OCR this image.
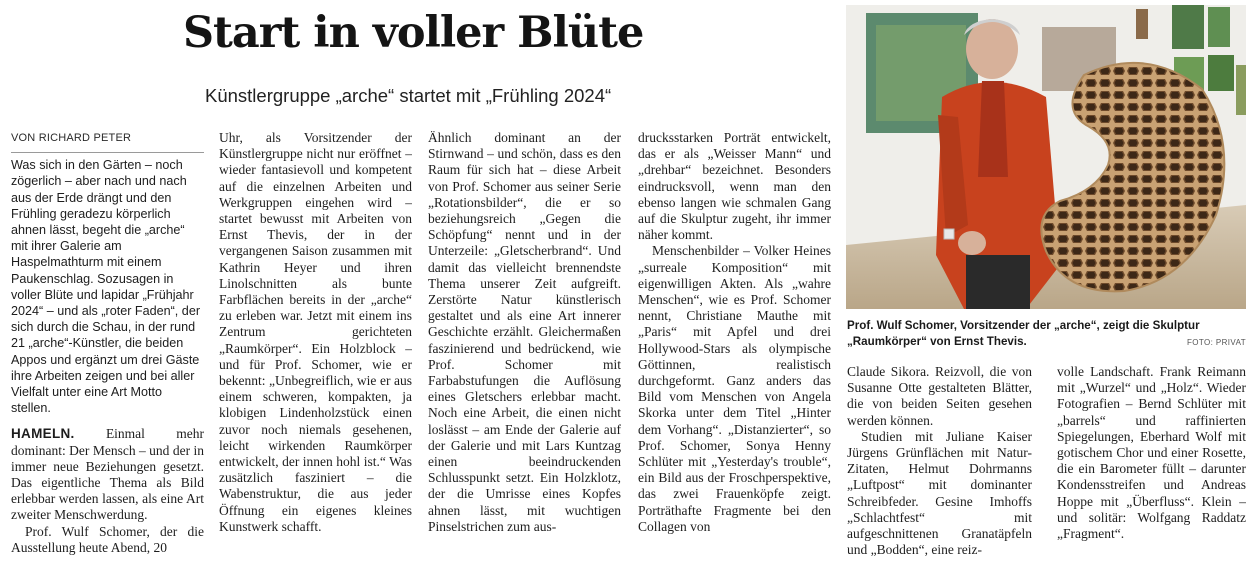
Start in voller Blüte
Künstlergruppe „arche“ startet mit „Frühling 2024“

VON RICHARD PETER

Was sich in den Gärten – noch zögerlich – aber nach und nach aus der Erde drängt und den Frühling geradezu körperlich ahnen lässt, begeht die „arche“ mit ihrer Galerie am Haspelmathturm mit einem Paukenschlag. Sozusagen in voller Blüte und lapidar „Frühjahr 2024“ – und als „roter Faden“, der sich durch die Schau, in der rund 21 „arche“-Künstler, die beiden Appos und ergänzt um drei Gäste ihre Arbeiten zeigen und bei aller Vielfalt unter eine Art Motto stellen.

HAMELN. Einmal mehr dominant: Der Mensch – und der in immer neue Beziehungen gesetzt. Das eigentliche Thema als Bild erlebbar werden lassen, als eine Art zweiter Menschwerdung.

Prof. Wulf Schomer, der die Ausstellung heute Abend, 20

Uhr, als Vorsitzender der Künstlergruppe nicht nur eröffnet – wieder fantasievoll und kompetent auf die einzelnen Arbeiten und Werkgruppen eingehen wird – startet bewusst mit Arbeiten von Ernst Thevis, der in der vergangenen Saison zusammen mit Kathrin Heyer und ihren Linolschnitten als bunte Farbflächen bereits in der „arche“ zu erleben war. Jetzt mit einem ins Zentrum gerichteten „Raumkörper“. Ein Holzblock – und für Prof. Schomer, wie er bekennt: „Unbegreiflich, wie er aus einem schweren, kompakten, ja klobigen Lindenholzstück einen zuvor noch niemals gesehenen, leicht wirkenden Raumkörper entwickelt, der innen hohl ist.“ Was zusätzlich fasziniert – die Wabenstruktur, die aus jeder Öffnung ein eigenes kleines Kunstwerk schafft.

Ähnlich dominant an der Stirnwand – und schön, dass es den Raum für sich hat – diese Arbeit von Prof. Schomer aus seiner Serie „Rotationsbilder“, die er so beziehungsreich „Gegen die Schöpfung“ nennt und in der Unterzeile: „Gletscherbrand“. Und damit das vielleicht brennendste Thema unserer Zeit aufgreift. Zerstörte Natur künstlerisch gestaltet und als eine Art innerer Geschichte erzählt. Gleichermaßen faszinierend und bedrückend, wie Prof. Schomer mit Farbabstufungen die Auflösung eines Gletschers erlebbar macht. Noch eine Arbeit, die einen nicht loslässt – am Ende der Galerie auf der Galerie und mit Lars Kuntzag einen beeindruckenden Schlusspunkt setzt. Ein Holzklotz, der die Umrisse eines Kopfes ahnen lässt, mit wuchtigen Pinselstrichen zum aus-

drucksstarken Porträt entwickelt, das er als „Weisser Mann“ und „drehbar“ bezeichnet. Besonders eindrucksvoll, wenn man den ebenso langen wie schmalen Gang auf die Skulptur zugeht, ihr immer näher kommt.

Menschenbilder – Volker Heines „surreale Komposition“ mit eigenwilligen Akten. Als „wahre Menschen“, wie es Prof. Schomer nennt, Christiane Mauthe mit „Paris“ mit Apfel und drei Hollywood-Stars als olympische Göttinnen, realistisch durchgeformt. Ganz anders das Bild vom Menschen von Angela Skorka unter dem Titel „Hinter dem Vorhang“. „Distanzierter“, so Prof. Schomer, Sonya Henny Schlüter mit „Yesterday's trouble“, ein Bild aus der Froschperspektive, das zwei Frauenköpfe zeigt. Porträthafte Fragmente bei den Collagen von

Claude Sikora. Reizvoll, die von Susanne Otte gestalteten Blätter, die von beiden Seiten gesehen werden können.

Studien mit Juliane Kaiser Jürgens Grünflächen mit Natur-Zitaten, Helmut Dohrmanns „Luftpost“ mit dominanter Schreibfeder. Gesine Imhoffs „Schlachtfest“ mit aufgeschnittenen Granatäpfeln und „Bodden“, eine reiz-

volle Landschaft. Frank Reimann mit „Wurzel“ und „Holz“. Wieder Fotografien – Bernd Schlüter mit „barrels“ und raffinierten Spiegelungen, Eberhard Wolf mit gotischem Chor und einer Rosette, die ein Barometer füllt – darunter Kondensstreifen und Andreas Hoppe mit „Überfluss“. Klein – und solitär: Wolfgang Raddatz „Fragment“.

Prof. Wulf Schomer, Vorsitzender der „arche“, zeigt die Skulptur „Raumkörper“ von Ernst Thevis.	FOTO: PRIVAT
